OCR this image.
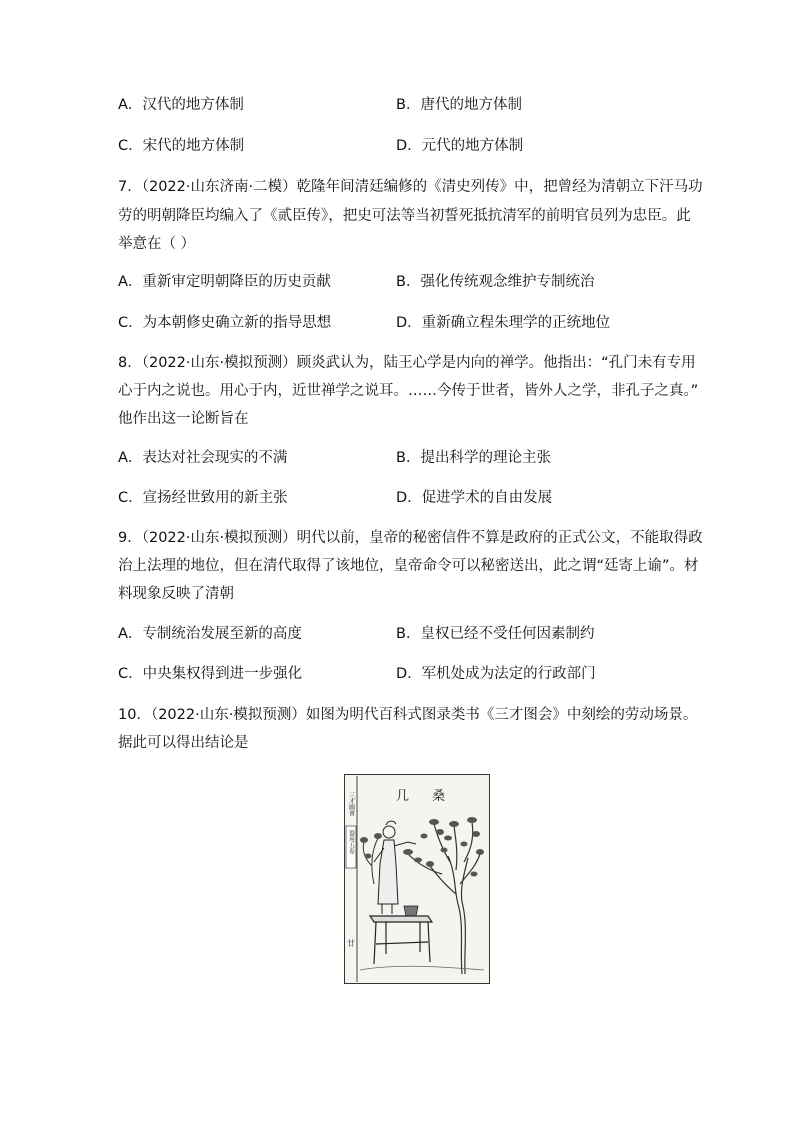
A．汉代的地方体制	B．唐代的地方体制
C．宋代的地方体制	D．元代的地方体制
7．（2022·山东济南·二模）乾隆年间清廷编修的《清史列传》中，把曾经为清朝立下汗马功
劳的明朝降臣均编入了《贰臣传》，把史可法等当初誓死抵抗清军的前明官员列为忠臣。此
举意在（ ）
A．重新审定明朝降臣的历史贡献	B．强化传统观念维护专制统治
C．为本朝修史确立新的指导思想	D．重新确立程朱理学的正统地位
8．（2022·山东·模拟预测）顾炎武认为，陆王心学是内向的禅学。他指出：“孔门未有专用
心于内之说也。用心于内，近世禅学之说耳。……今传于世者，皆外人之学，非孔子之真。”
他作出这一论断旨在
A．表达对社会现实的不满	B．提出科学的理论主张
C．宣扬经世致用的新主张	D．促进学术的自由发展
9．（2022·山东·模拟预测）明代以前，皇帝的秘密信件不算是政府的正式公文，不能取得政
治上法理的地位，但在清代取得了该地位，皇帝命令可以秘密送出，此之谓“廷寄上谕”。材
料现象反映了清朝
A．专制统治发展至新的高度	B．皇权已经不受任何因素制约
C．中央集权得到进一步强化	D．军机处成为法定的行政部门
10．（2022·山东·模拟预测）如图为明代百科式图录类书《三才图会》中刻绘的劳动场景。
据此可以得出结论是
三才圖會
器用五卷
廿
几 桑
